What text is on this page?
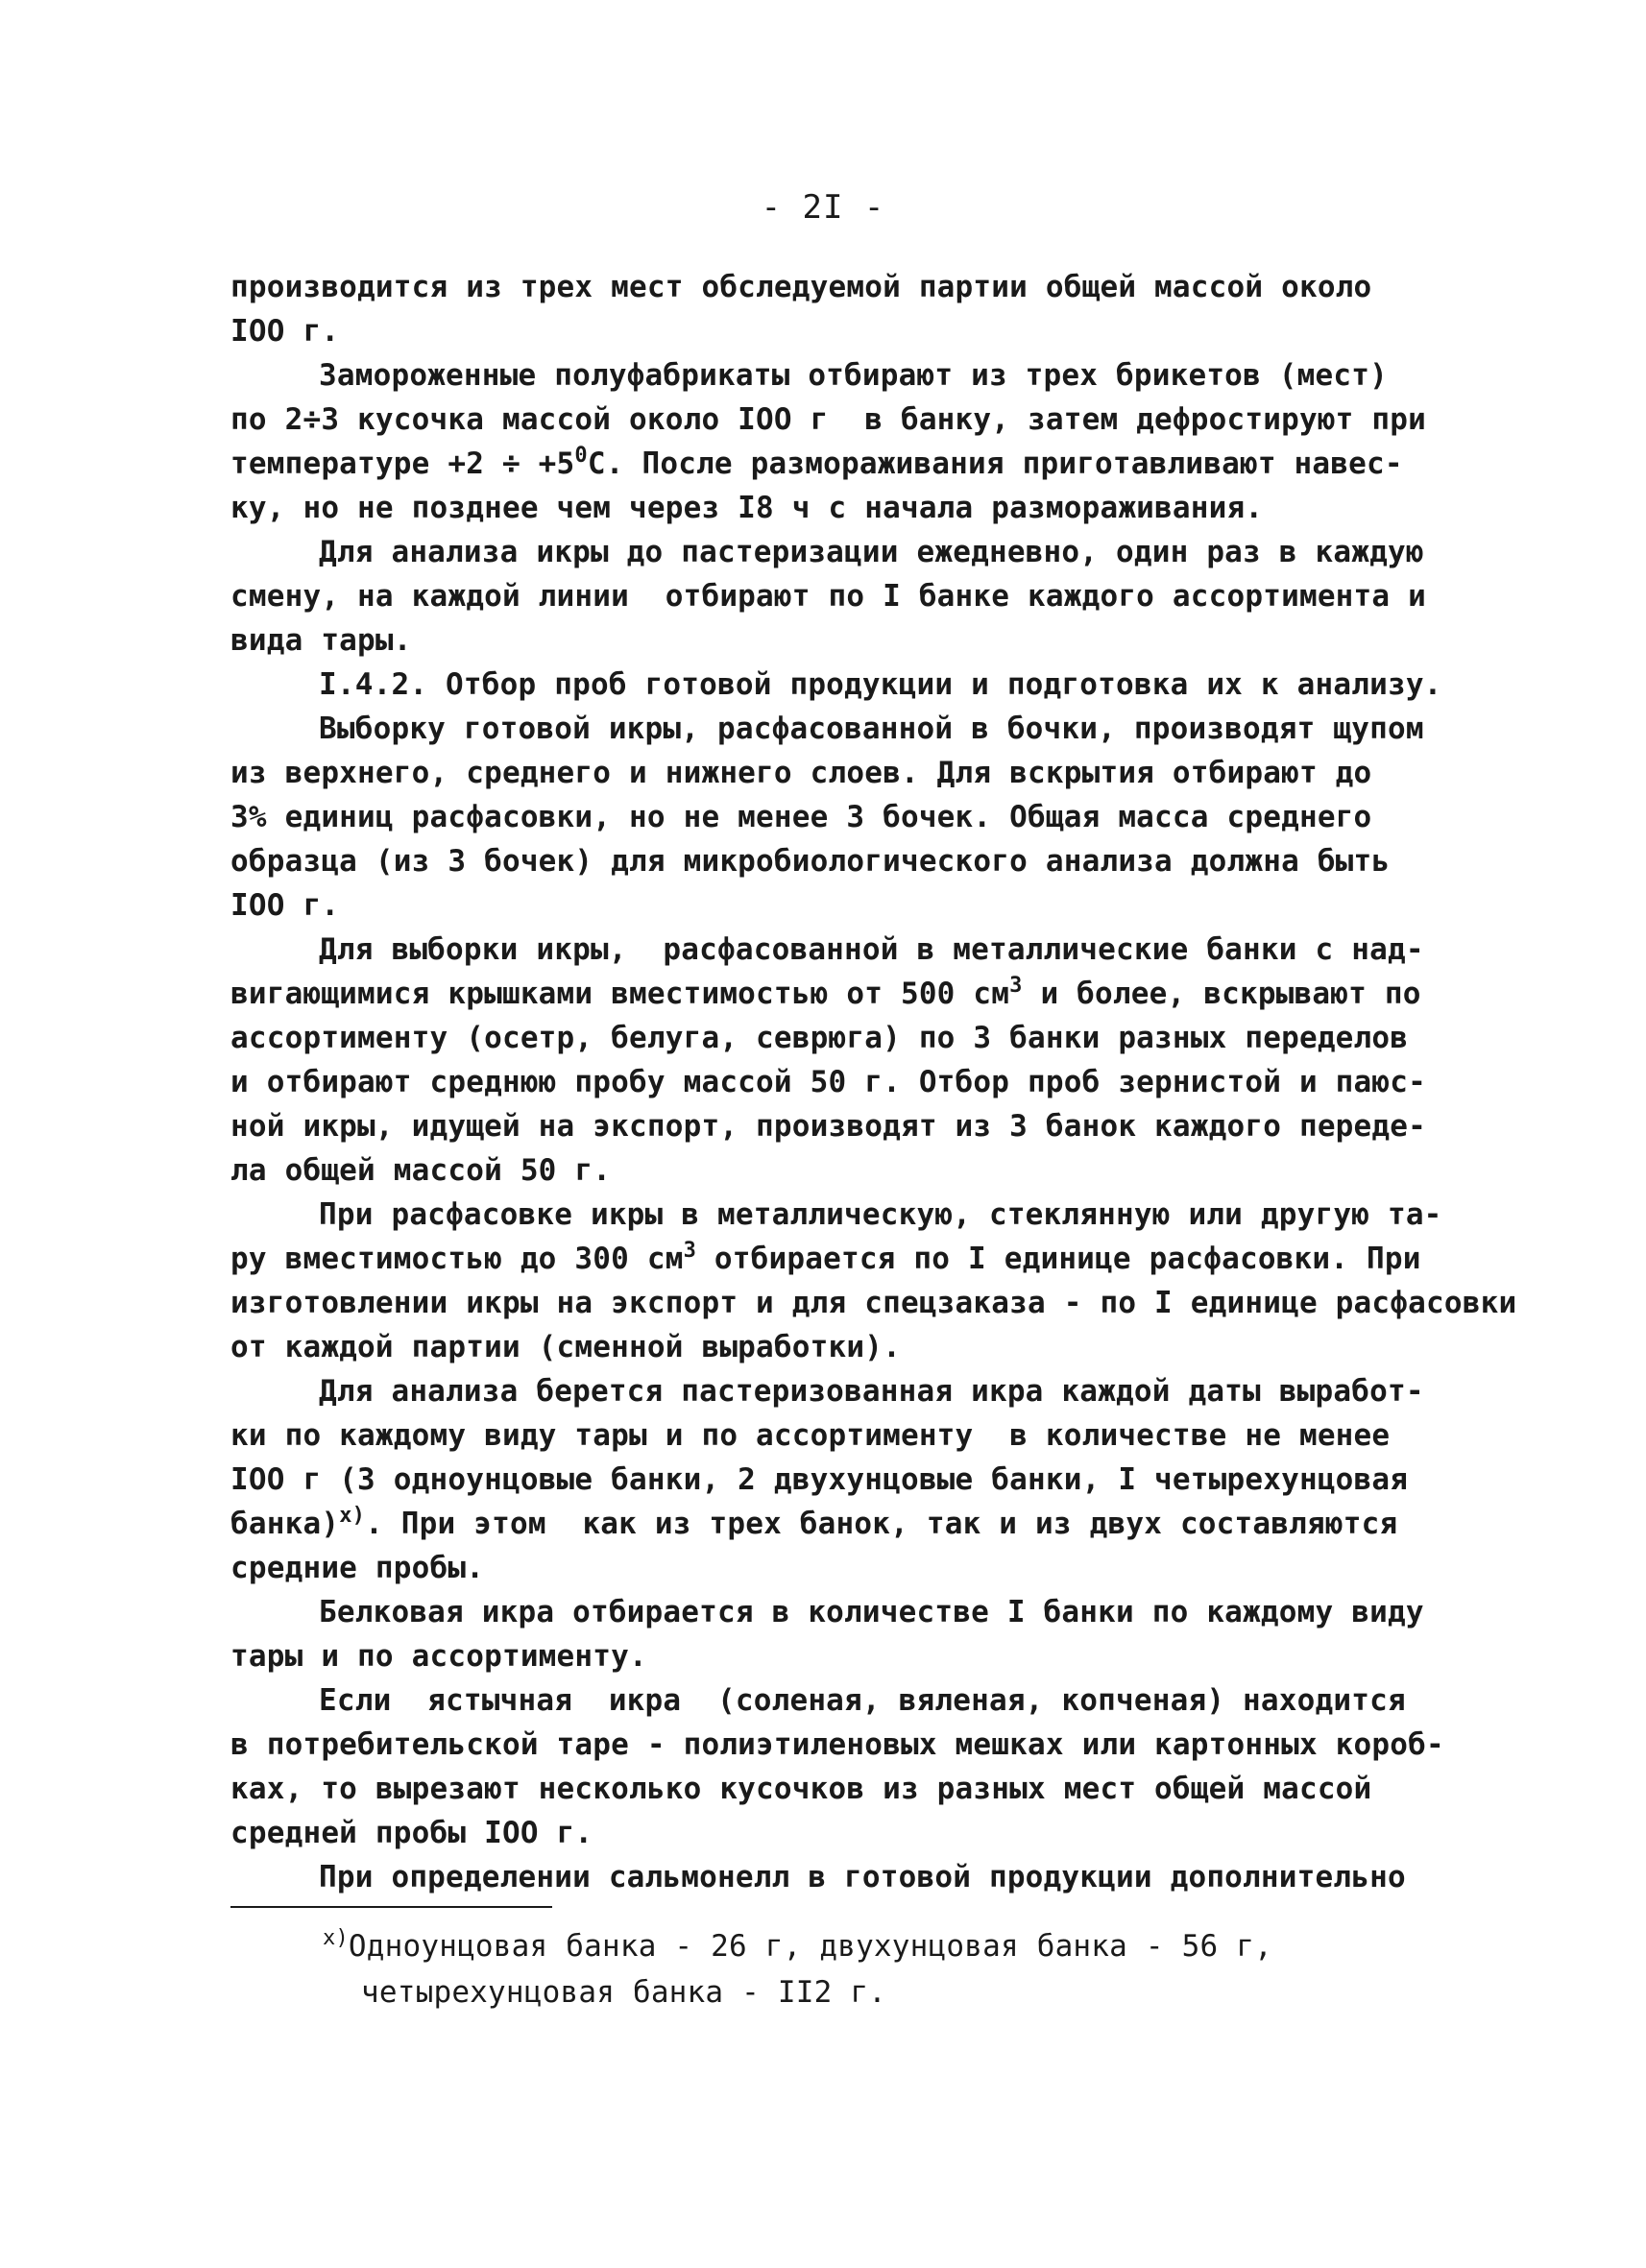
- 2I -
производится из трех мест обследуемой партии общей массой около
IOO г.
Замороженные полуфабрикаты отбирают из трех брикетов (мест)
по 2÷3 кусочка массой около IOO г  в банку, затем дефростируют при
температуре $+2 \div +5^0С$. После размораживания приготавливают навес-
ку, но не позднее чем через I8 ч с начала размораживания.
Для анализа икры до пастеризации ежедневно, один раз в каждую
смену, на каждой линии  отбирают по I банке каждого ассортимента и
вида тары.
I.4.2. Отбор проб готовой продукции и подготовка их к анализу.
Выборку готовой икры, расфасованной в бочки, производят щупом
из верхнего, среднего и нижнего слоев. Для вскрытия отбирают до
3% единиц расфасовки, но не менее 3 бочек. Общая масса среднего
образца (из 3 бочек) для микробиологического анализа должна быть
IOO г.
Для выборки икры,  расфасованной в металлические банки с над-
вигающимися крышками вместимостью от 500 $см^3$ и более, вскрывают по
ассортименту (осетр, белуга, севрюга) по 3 банки разных переделов
и отбирают среднюю пробу массой 50 г. Отбор проб зернистой и паюс-
ной икры, идущей на экспорт, производят из 3 банок каждого переде-
ла общей массой 50 г.
При расфасовке икры в металлическую, стеклянную или другую та-
ру вместимостью до 300 $см^3$ отбирается по I единице расфасовки. При
изготовлении икры на экспорт и для спецзаказа - по I единице расфасовки
от каждой партии (сменной выработки).
Для анализа берется пастеризованная икра каждой даты выработ-
ки по каждому виду тары и по ассортименту  в количестве не менее
IOO г (3 одноунцовые банки, 2 двухунцовые банки, I четырехунцовая
банка)$^{x)}$. При этом  как из трех банок, так и из двух составляются
средние пробы.
Белковая икра отбирается в количестве I банки по каждому виду
тары и по ассортименту.
Если  ястычная  икра  (соленая, вяленая, копченая) находится
в потребительской таре - полиэтиленовых мешках или картонных короб-
ках, то вырезают несколько кусочков из разных мест общей массой
средней пробы IOO г.
При определении сальмонелл в готовой продукции дополнительно
$^{x)}$Одноунцовая банка - 26 г, двухунцовая банка - 56 г,
четырехунцовая банка - II2 г.
